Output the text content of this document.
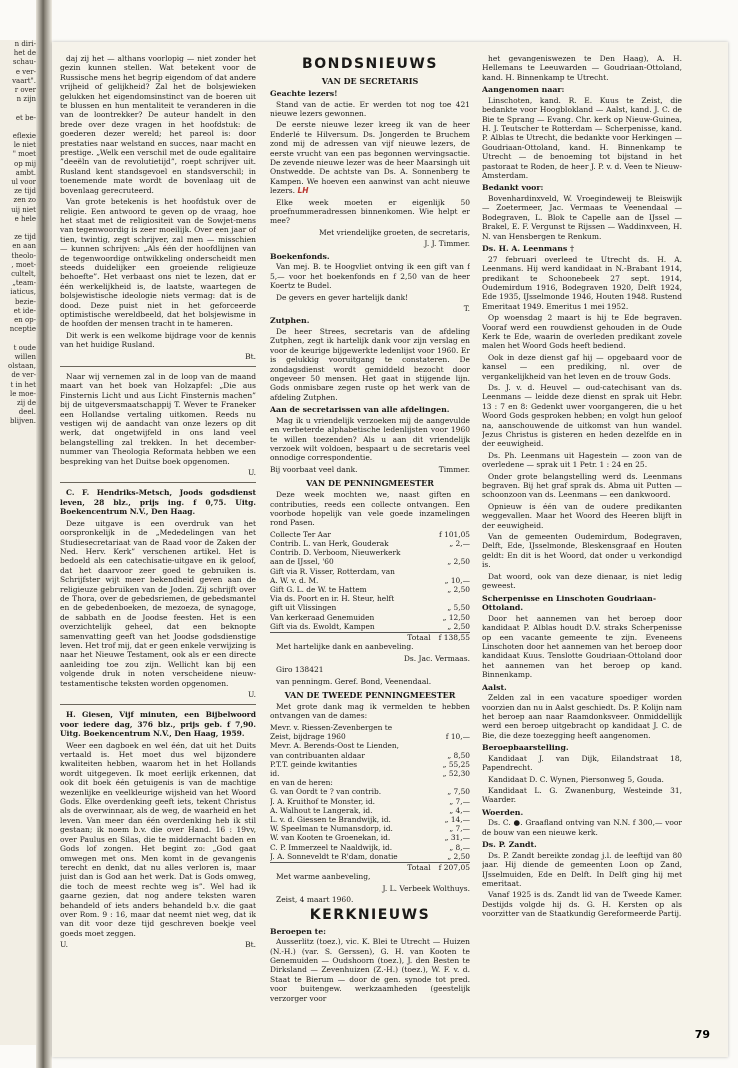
n diri-
het de
schau-
e ver-
vaart".
r over
n zijn

et be-

eflexie
le niet
" moet
op mij
ambt.
ul voor
ze tijd
zen zo
uij niet
e hele

ze tijd
en aan
theolo-
, moet-
cultelt,
„team-
iaticus,
bezie-
et ide-
en op-
nceptie

t oude
willen
olstaan,
de ver-
t in het
le moe-
zij de
deel.
blijven.

daj zij het — althans voorlopig — niet zonder het gezin kunnen stellen. Wat betekent voor de Russische mens het begrip eigendom of dat andere vrijheid of gelijkheid? Zal het de bolsjewieken gelukken het eigendomsinstinct van de boeren uit te blussen en hun mentaliteit te veranderen in die van de loontrekker? De auteur handelt in den brede over deze vragen in het hoofdstuk: de goederen dezer wereld; het pareol is: door prestaties naar welstand en succes, naar macht en prestige. „Welk een verschil met de oude egalitaire ”deeëln van de revolutietijd”, roept schrijver uit. Rusland kent standsgevoel en standsverschil; in toenemende mate wordt de bovenlaag uit de bovenlaag gerecruteerd.

Van grote betekenis is het hoofdstuk over de religie. Een antwoord te geven op de vraag, hoe het staat met de religiositeit van de Sowjet-mens van tegenwoordig is zeer moeilijk. Over een jaar of tien, twintig, zegt schrijver, zal men — misschien — kunnen schrijven: „Als één der hoofdlijnen van de tegenwoordige ontwikkeling onderscheidt men steeds duidelijker een groeiende religieuze behoefte”. Het verbaast ons niet te lezen, dat er één werkelijkheid is, de laatste, waartegen de bolsjewistische ideologie niets vermag: dat is de dood. Deze puist niet in het geforceerde optimistische wereldbeeld, dat het bolsjewisme in de hoofden der mensen tracht in te hameren.

Dit werk is een welkome bijdrage voor de kennis van het huidige Rusland.

Bt.

Naar wij vernemen zal in de loop van de maand maart van het boek van Holzapfel: „Die aus Finsternis Licht und aus Licht Finsternis machen” bij de uitgeversmaatschappij T. Wever te Franeker een Hollandse vertaling uitkomen. Reeds nu vestigen wij de aandacht van onze lezers op dit werk, dat ongetwijfeld in ons land veel belangstelling zal trekken. In het december-nummer van Theologia Reformata hebben we een bespreking van het Duitse boek opgenomen.

U.

C. F. Hendriks-Metsch, Joods godsdienst leven, 28 blz., prijs ing. f 0,75. Uitg. Boekencentrum N.V., Den Haag.

Deze uitgave is een overdruk van het oorspronkelijk in de „Mededelingen van het Studiesecretariaat van de Raad voor de Zaken der Ned. Herv. Kerk” verschenen artikel. Het is bedoeld als een catechisatie-uitgave en ik geloof, dat het daarvoor zeer goed te gebruiken is. Schrijfster wijt meer bekendheid geven aan de religieuze gebruiken van de Joden. Zij schrijft over de Thora, over de gebedsriemen, de gebedsmantel en de gebedenboeken, de mezoeza, de synagoge, de sabbath en de Joodse feesten. Het is een overzichtelijk geheel, dat een beknopte samenvatting geeft van het Joodse godsdienstige leven. Het trof mij, dat er geen enkele verwijzing is naar het Nieuwe Testament, ook als er een directe aanleiding toe zou zijn. Wellicht kan bij een volgende druk in noten verscheidene nieuw-testamentische teksten worden opgenomen.

U.

H. Giesen, Vijf minuten, een Bijbelwoord voor iedere dag, 376 blz., prijs geb. f 7,90. Uitg. Boekencentrum N.V., Den Haag, 1959.

Weer een dagboek en wel één, dat uit het Duits vertaald is. Het moet dus wel bijzondere kwaliteiten hebben, waarom het in het Hollands wordt uitgegeven. Ik moet eerlijk erkennen, dat ook dit boek één getuigenis is van de machtige wezenlijke en veelkleurige wijsheid van het Woord Gods. Elke overdenking geeft iets, tekent Christus als de overwinnaar, als de weg, de waarheid en het leven. Van meer dan één overdenking heb ik stil gestaan; ik noem b.v. die over Hand. 16 : 19vv, over Paulus en Silas, die te middernacht baden en Gods lof zongen. Het begint zo: „God gaat omwegen met ons. Men komt in de gevangenis terecht en denkt, dat nu alles verloren is, maar juist dan is God aan het werk. Dat is Gods omweg, die toch de meest rechte weg is”. Wel had ik gaarne gezien, dat nog andere teksten waren behandeld of iets anders behandeld b.v. die gaat over Rom. 9 : 16, maar dat neemt niet weg, dat ik van dit voor deze tijd geschreven boekje veel goeds moet zeggen.

U.	Bt.
BONDSNIEUWS
VAN DE SECRETARIS
Geachte lezers!

Stand van de actie. Er werden tot nog toe 421 nieuwe lezers gewonnen.

De eerste nieuwe lezer kreeg ik van de heer Enderlé te Hilversum. Ds. Jongerden te Bruchem zond mij de adressen van vijf nieuwe lezers, de eerste vrucht van een pas begonnen wervingsactie. De zevende nieuwe lezer was de heer Maarsingh uit Onstwedde. De achtste van Ds. A. Sonnenberg te Kampen. We hoeven een aanwinst van acht nieuwe lezers. LH

Elke week moeten er eigenlijk 50 proefnummeradressen binnenkomen. Wie helpt er mee?

Met vriendelijke groeten, de secretaris,
J. J. Timmer.
Boekenfonds.

Van mej. B. te Hoogvliet ontving ik een gift van f 5,— voor het boekenfonds en f 2,50 van de heer Koertz te Budel.

De gevers en gever hartelijk dank!

T.
Zutphen.

De heer Strees, secretaris van de afdeling Zutphen, zegt ik hartelijk dank voor zijn verslag en voor de keurige bijgewerkte ledenlijst voor 1960. Er is gelukkig vooruitgang te constateren. De zondagsdienst wordt gemiddeld bezocht door ongeveer 50 mensen. Het gaat in stijgende lijn. Gods onmisbare zegen ruste op het werk van de afdeling Zutphen.

Aan de secretarissen van alle afdelingen.

Mag ik u vriendelijk verzoeken mij de aangevulde en verbeterde alphabetische ledenlijsten voor 1960 te willen toezenden? Als u aan dit vriendelijk verzoek wilt voldoen, bespaart u de secretaris veel onnodige correspondentie.

Bij voorbaat veel dank.	Timmer.
VAN DE PENNINGMEESTER

Deze week mochten we, naast giften en contributies, reeds een collecte ontvangen. Een voorbode hopelijk van vele goede inzamelingen rond Pasen.

Collecte Ter Aar	f 101,05
Contrib. L. van Herk, Gouderak	„ 2,—
Contrib. D. Verboom, Nieuwerkerk
aan de IJssel, '60	„ 2,50
Gift via R. Visser, Rotterdam, van
A. W. v. d. M.	„ 10,—
Gift G. L. de W. te Hattem	„ 2,50
Via ds. Poort en ir. H. Steur, helft
gift uit Vlissingen	„ 5,50
Van kerkeraad Genemuiden	„ 12,50
Gift via ds. Ewoldt, Kampen	„ 2,50
Totaal f 138,55

Met hartelijke dank en aanbeveling.

Ds. Jac. Vermaas.

Giro 138421

van penningm. Geref. Bond, Veenendaal.

VAN DE TWEEDE PENNINGMEESTER

Met grote dank mag ik vermelden te hebben ontvangen van de dames:

Mevr. v. Riessen-Zevenbergen te
Zeist, bijdrage 1960	f 10,—
Mevr. A. Berends-Oost te Lienden,
van contribuanten aldaar	„ 8,50
P.T.T. geinde kwitanties	„ 55,25
id.	„ 52,30
en van de heren:
G. van Oordt te ? van contrib.	„ 7,50
J. A. Kruithof te Monster, id.	„ 7,—
A. Walhout te Langerak, id.	„ 4,—
L. v. d. Giessen te Brandwijk, id.	„ 14,—
W. Speelman te Numansdorp, id.	„ 7,—
W. van Kooten te Groenekan, id.	„ 31,—
C. P. Immerzeel te Naaldwijk, id.	„ 8,—
J. A. Sonneveldt te R'dam, donatie	„ 2,50
Totaal f 207,05

Met warme aanbeveling,

J. L. Verbeek Wolthuys.

Zeist, 4 maart 1960.

KERKNIEUWS
Beroepen te:

Ausserlitz (toez.), vic. K. Blei te Utrecht — Huizen (N.-H.) (var. S. Gerssen), G. H. van Kooten te Genemuiden — Oudshoorn (toez.), J. den Besten te Dirksland — Zevenhuizen (Z.-H.) (toez.), W. F. v. d. Staat te Bierum — door de gen. synode tot pred. voor buitengew. werkzaamheden (geestelijk verzorger voor

het gevangeniswezen te Den Haag), A. H. Hellemans te Leeuwarden — Goudriaan-Ottoland, kand. H. Binnenkamp te Utrecht.

Aangenomen naar:

Linschoten, kand. R. E. Kuus te Zeist, die bedankte voor Hoogblokland — Aalst, kand. J. C. de Bie te Sprang — Evang. Chr. kerk op Nieuw-Guinea, H. J. Teutscher te Rotterdam — Scherpenisse, kand. P. Alblas te Utrecht, die bedankte voor Herkingen — Goudriaan-Ottoland, kand. H. Binnenkamp te Utrecht — de benoeming tot bijstand in het pastoraat te Roden, de heer J. P. v. d. Veen te Nieuw-Amsterdam.

Bedankt voor:

Bovenhardinxveld, W. Vroegindeweij te Bleiswijk — Zoetermeer, Jac. Vermaas te Veenendaal — Bodegraven, L. Blok te Capelle aan de IJssel — Brakel, E. F. Vergunst te Rijssen — Waddinxveen, H. N. van Hensbergen te Renkum.

Ds. H. A. Leenmans †

27 februari overleed te Utrecht ds. H. A. Leenmans. Hij werd kandidaat in N.-Brabant 1914, predikant te Schoonebeek 27 sept. 1914, Oudemirdum 1916, Bodegraven 1920, Delft 1924, Ede 1935, IJsselmonde 1946, Houten 1948. Rustend Emeritaat 1949. Emeritus 1 mei 1952.

Op woensdag 2 maart is hij te Ede begraven. Vooraf werd een rouwdienst gehouden in de Oude Kerk te Ede, waarin de overleden predikant zovele malen het Woord Gods heeft bediend.

Ook in deze dienst gaf hij — opgebaard voor de kansel — een prediking, nl. over de vergankelijkheid van het leven en de trouw Gods.

Ds. J. v. d. Heuvel — oud-catechisant van ds. Leenmans — leidde deze dienst en sprak uit Hebr. 13 : 7 en 8: Gedenkt uwer voorgangeren, die u het Woord Gods gesproken hebben; en volgt hun geloof na, aanschouwende de uitkomst van hun wandel. Jezus Christus is gisteren en heden dezelfde en in der eeuwigheid.

Ds. Ph. Leenmans uit Hagestein — zoon van de overledene — sprak uit 1 Petr. 1 : 24 en 25.

Onder grote belangstelling werd ds. Leenmans begraven. Bij het graf sprak ds. Abma uit Putten — schoonzoon van ds. Leenmans — een dankwoord.

Opnieuw is één van de oudere predikanten weggevallen. Maar het Woord des Heeren blijft in der eeuwigheid.

Van de gemeenten Oudemirdum, Bodegraven, Delft, Ede, IJsselmonde, Bleskensgraaf en Houten geldt: En dit is het Woord, dat onder u verkondigd is.

Dat woord, ook van deze dienaar, is niet ledig geweest.

Scherpenisse en Linschoten Goudriaan-Ottoland.

Door het aannemen van het beroep door kandidaat P. Alblas houdt D.V. straks Scherpenisse op een vacante gemeente te zijn. Eveneens Linschoten door het aannemen van het beroep door kandidaat Kuus. Tenslotte Goudriaan-Ottoland door het aannemen van het beroep op kand. Binnenkamp.

Aalst.

Zelden zal in een vacature spoediger worden voorzien dan nu in Aalst geschiedt. Ds. P. Kolijn nam het beroep aan naar Raamdonksveer. Onmiddellijk werd een beroep uitgebracht op kandidaat J. C. de Bie, die deze toezegging heeft aangenomen.

Beroepbaarstelling.

Kandidaat J. van Dijk, Eilandstraat 18, Papendrecht.

Kandidaat D. C. Wynen, Piersonweg 5, Gouda.

Kandidaat L. G. Zwanenburg, Westeinde 31, Waarder.

Woerden.

Ds. C. ●. Graafland ontving van N.N. f 300,— voor de bouw van een nieuwe kerk.

Ds. P. Zandt.

Ds. P. Zandt bereikte zondag j.l. de leeftijd van 80 jaar. Hij diende de gemeenten Loon op Zand, IJsselmuiden, Ede en Delft. In Delft ging hij met emeritaat.

Vanaf 1925 is ds. Zandt lid van de Tweede Kamer. Destijds volgde hij ds. G. H. Kersten op als voorzitter van de Staatkundig Gereformeerde Partij.

79
